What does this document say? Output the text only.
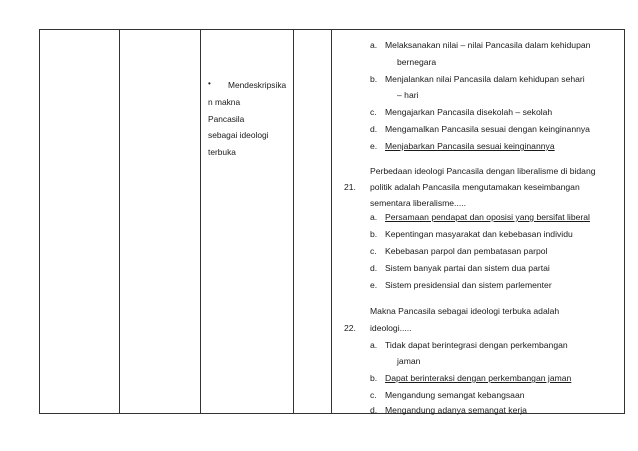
• Mendeskripsika
n makna
Pancasila
sebagai ideologi
terbuka
a. Melaksanakan nilai – nilai Pancasila dalam kehidupan
bernegara
b. Menjalankan nilai Pancasila dalam kehidupan sehari
– hari
c. Mengajarkan Pancasila disekolah – sekolah
d. Mengamalkan Pancasila sesuai dengan keinginannya
e. Menjabarkan Pancasila sesuai keinginannya
Perbedaan ideologi Pancasila dengan liberalisme di bidang
21. politik adalah Pancasila mengutamakan keseimbangan
sementara liberalisme.....
a. Persamaan pendapat dan oposisi yang bersifat liberal
b. Kepentingan masyarakat dan kebebasan individu
c. Kebebasan parpol dan pembatasan parpol
d. Sistem banyak partai dan sistem dua partai
e. Sistem presidensial dan sistem parlementer
Makna Pancasila sebagai ideologi terbuka adalah
22. ideologi.....
a. Tidak dapat berintegrasi dengan perkembangan
jaman
b. Dapat berinteraksi dengan perkembangan jaman
c. Mengandung semangat kebangsaan
d. Mengandung adanya semangat kerja
